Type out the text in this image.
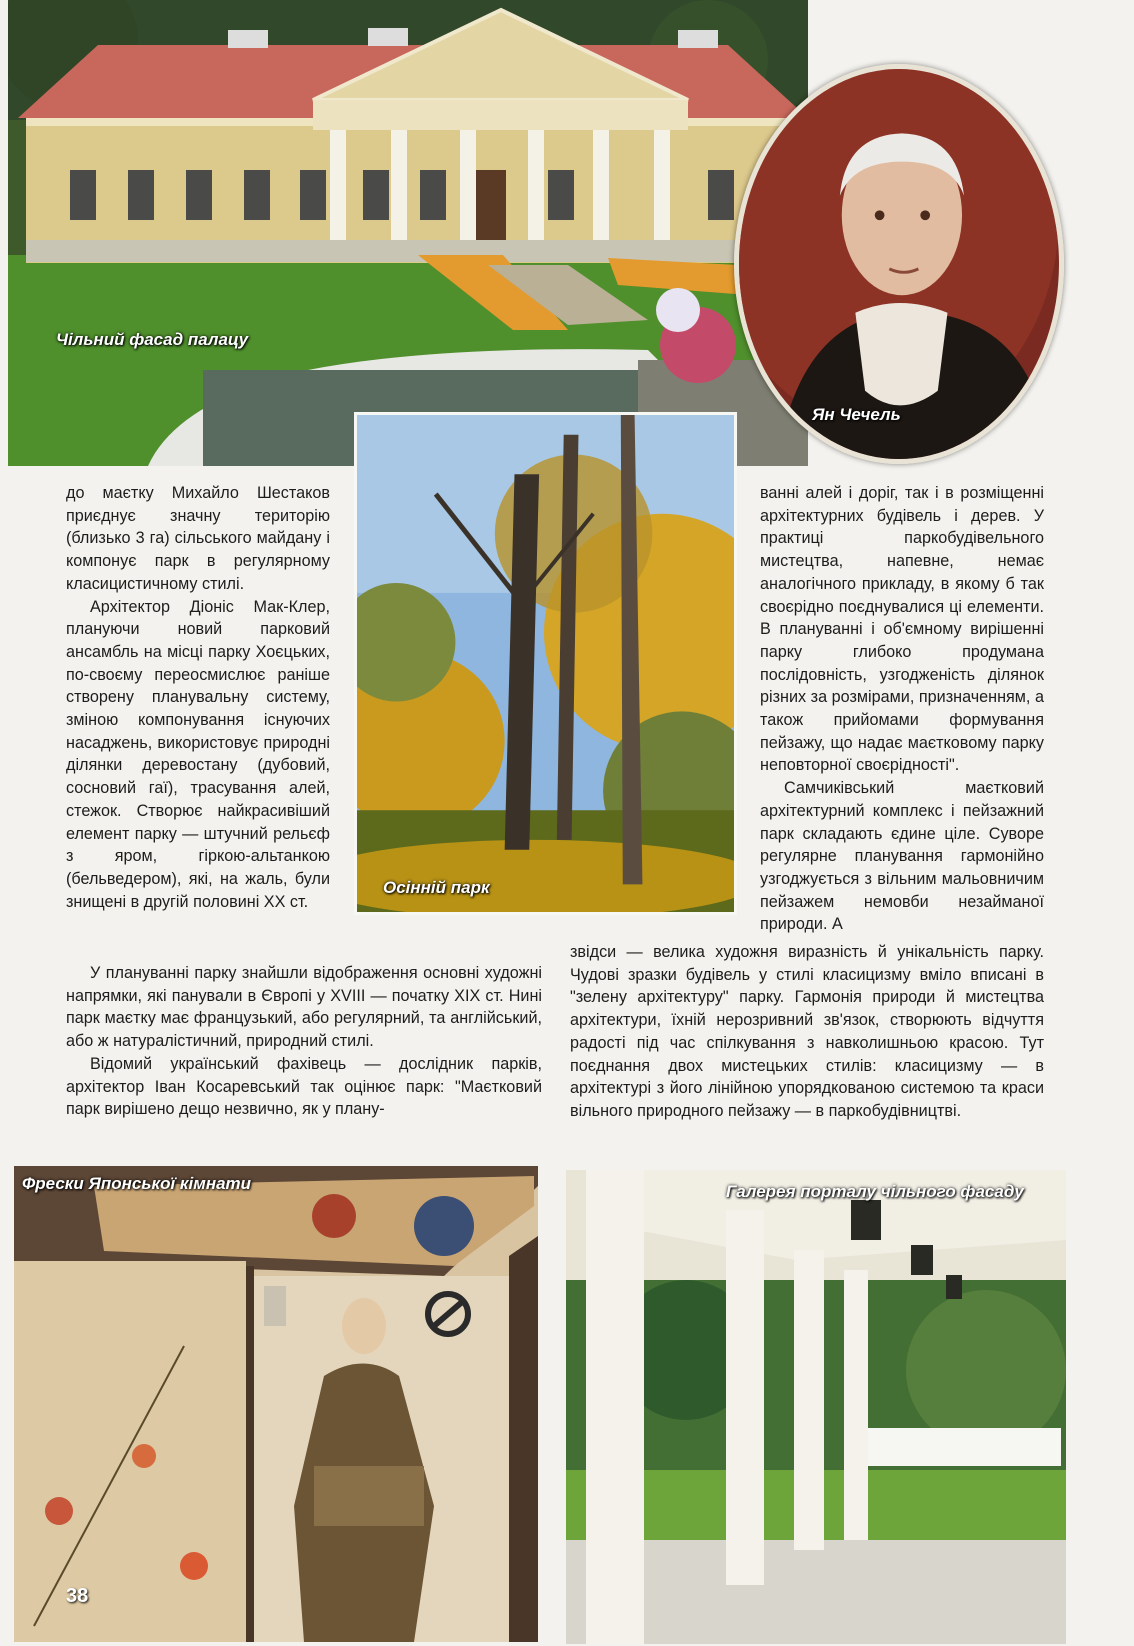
Чільний фасад палацу
Ян Чечель
Осінній парк

до маєтку Михайло Шестаков приєднує значну територію (близько 3 га) сільського майдану і компонує парк в регулярному класицистичному стилі.

Архітектор Діоніс Мак-Клер, плануючи новий парковий ансамбль на місці парку Хоєцьких, по-своєму переосмислює раніше створену планувальну систему, зміною компонування існуючих насаджень, використовує природні ділянки деревостану (дубовий, сосновий гаї), трасування алей, стежок. Створює найкрасивіший елемент парку — штучний рельєф з яром, гіркою-альтанкою (бельведером), які, на жаль, були знищені в другій половині XX ст.

У плануванні парку знайшли відображення основні художні напрямки, які панували в Європі у XVIII — початку XIX ст. Нині парк маєтку має французький, або регулярний, та англійський, або ж натуралістичний, природний стилі.

Відомий український фахівець — дослідник парків, архітектор Іван Косаревський так оцінює парк: "Маєтковий парк вирішено дещо незвично, як у плану-

ванні алей і доріг, так і в розміщенні архітектурних будівель і дерев. У практиці паркобудівельного мистецтва, напевне, немає аналогічного прикладу, в якому б так своєрідно поєднувалися ці елементи. В плануванні і об'ємному вирішенні парку глибоко продумана послідовність, узгодженість ділянок різних за розмірами, призначенням, а також прийомами формування пейзажу, що надає маєтковому парку неповторної своєрідності".

Самчиківський маєтковий архітектурний комплекс і пейзажний парк складають єдине ціле. Суворе регулярне планування гармонійно узгоджується з вільним мальовничим пейзажем немовби незайманої природи. А

звідси — велика художня виразність й унікальність парку. Чудові зразки будівель у стилі класицизму вміло вписані в "зелену архітектуру" парку. Гармонія природи й мистецтва архітектури, їхній нерозривний зв'язок, створюють відчуття радості під час спілкування з навколишньою красою. Тут поєднання двох мистецьких стилів: класицизму — в архітектурі з його лінійною упорядкованою системою та краси вільного природного пейзажу — в паркобудівництві.

Фрески Японської кімнати
38
Галерея порталу чільного фасаду
